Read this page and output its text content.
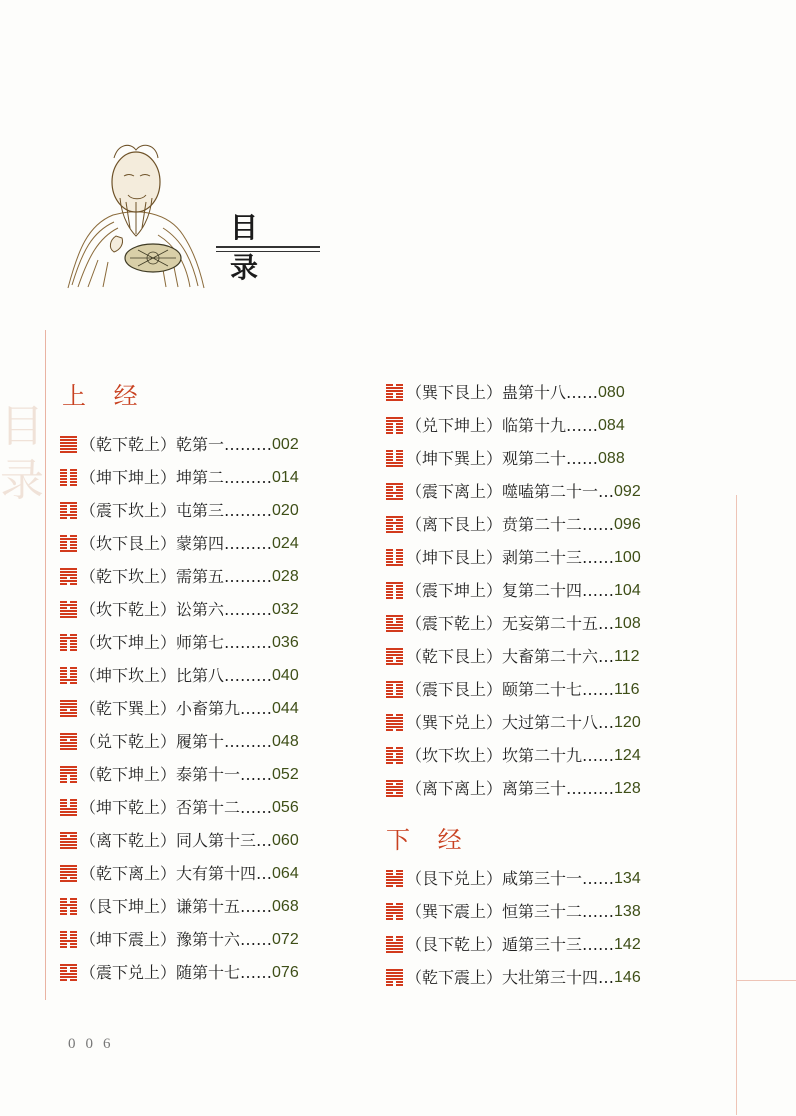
目 录
目录
上 经
（乾下乾上）乾第一……… 002
（坤下坤上）坤第二……… 014
（震下坎上）屯第三……… 020
（坎下艮上）蒙第四……… 024
（乾下坎上）需第五……… 028
（坎下乾上）讼第六……… 032
（坎下坤上）师第七……… 036
（坤下坎上）比第八……… 040
（乾下巽上）小畜第九…… 044
（兑下乾上）履第十……… 048
（乾下坤上）泰第十一…… 052
（坤下乾上）否第十二…… 056
（离下乾上）同人第十三… 060
（乾下离上）大有第十四… 064
（艮下坤上）谦第十五…… 068
（坤下震上）豫第十六…… 072
（震下兑上）随第十七…… 076
（巽下艮上）蛊第十八…… 080
（兑下坤上）临第十九…… 084
（坤下巽上）观第二十…… 088
（震下离上）噬嗑第二十一… 092
（离下艮上）贲第二十二…… 096
（坤下艮上）剥第二十三…… 100
（震下坤上）复第二十四…… 104
（震下乾上）无妄第二十五… 108
（乾下艮上）大畜第二十六… 112
（震下艮上）颐第二十七…… 116
（巽下兑上）大过第二十八… 120
（坎下坎上）坎第二十九…… 124
（离下离上）离第三十……… 128
下 经
（艮下兑上）咸第三十一…… 134
（巽下震上）恒第三十二…… 138
（艮下乾上）遁第三十三…… 142
（乾下震上）大壮第三十四… 146
006
